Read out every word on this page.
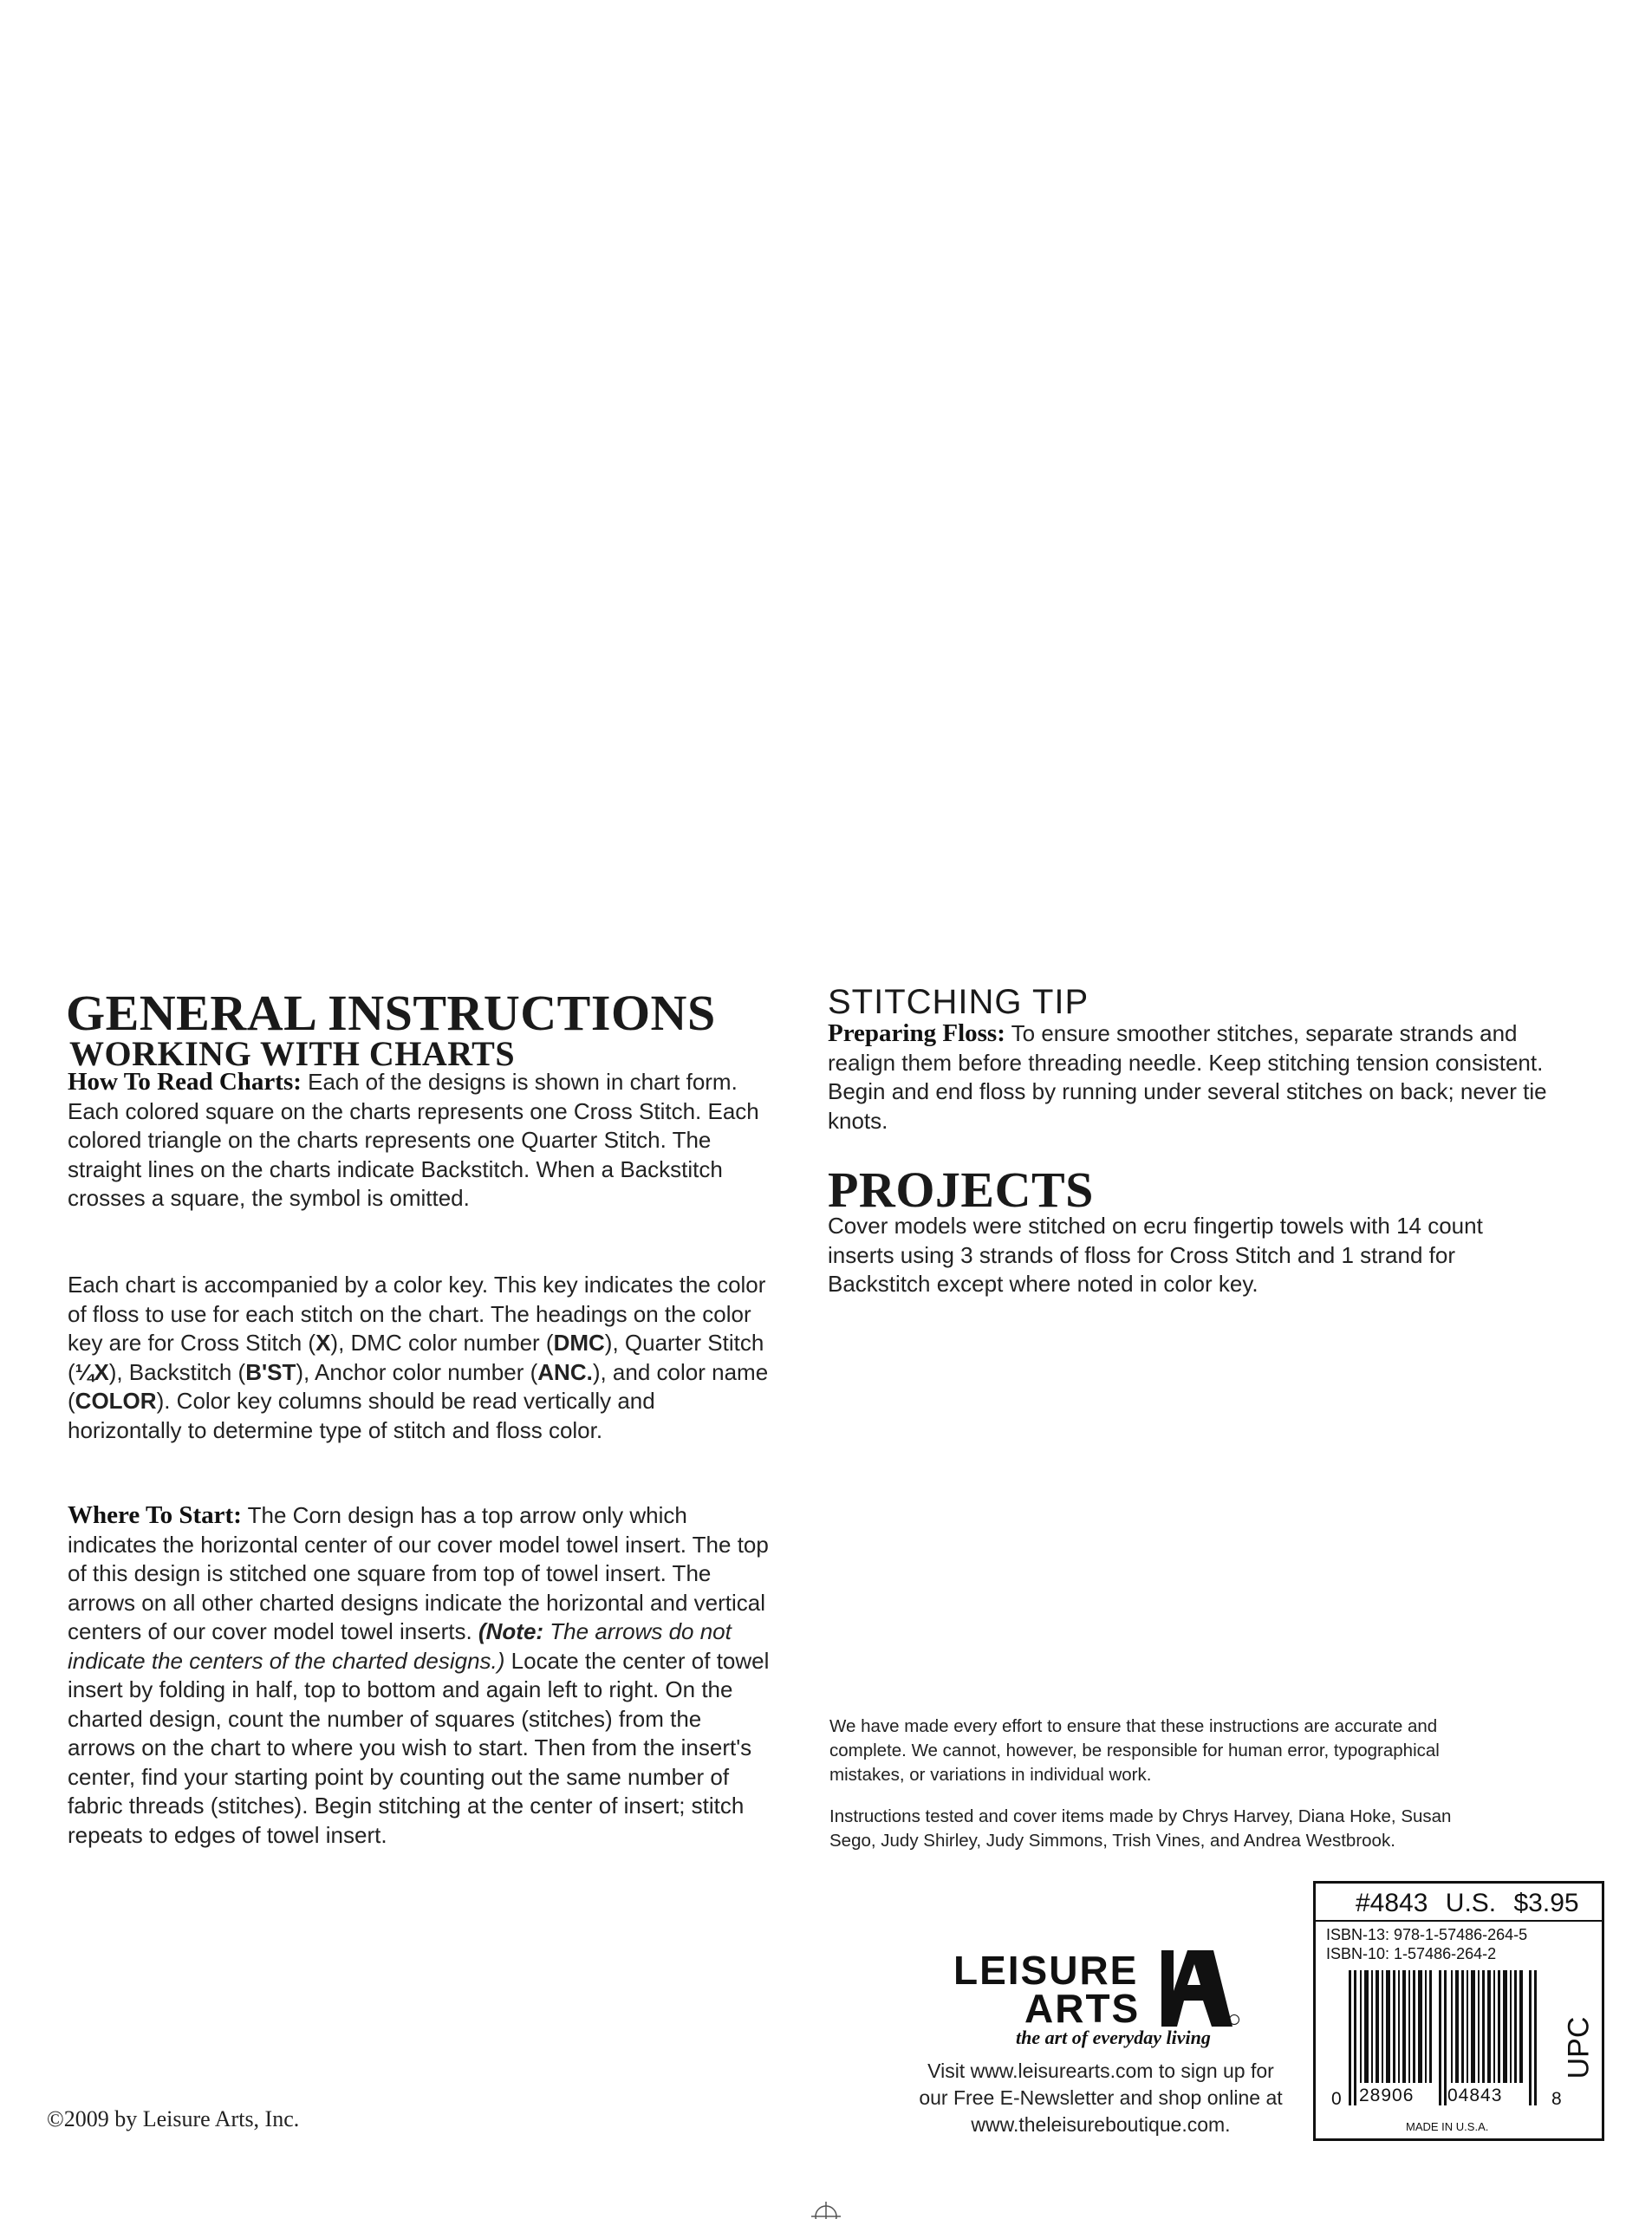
GENERAL INSTRUCTIONS
WORKING WITH CHARTS

How To Read Charts: Each of the designs is shown in chart form. Each colored square on the charts represents one Cross Stitch. Each colored triangle on the charts represents one Quarter Stitch. The straight lines on the charts indicate Backstitch. When a Backstitch crosses a square, the symbol is omitted.

Each chart is accompanied by a color key. This key indicates the color of floss to use for each stitch on the chart. The headings on the color key are for Cross Stitch (X), DMC color number (DMC), Quarter Stitch (¼X), Backstitch (B'ST), Anchor color number (ANC.), and color name (COLOR). Color key columns should be read vertically and horizontally to determine type of stitch and floss color.

Where To Start: The Corn design has a top arrow only which indicates the horizontal center of our cover model towel insert. The top of this design is stitched one square from top of towel insert. The arrows on all other charted designs indicate the horizontal and vertical centers of our cover model towel inserts. (Note: The arrows do not indicate the centers of the charted designs.) Locate the center of towel insert by folding in half, top to bottom and again left to right. On the charted design, count the number of squares (stitches) from the arrows on the chart to where you wish to start. Then from the insert's center, find your starting point by counting out the same number of fabric threads (stitches). Begin stitching at the center of insert; stitch repeats to edges of towel insert.

©2009 by Leisure Arts, Inc.
STITCHING TIP

Preparing Floss: To ensure smoother stitches, separate strands and realign them before threading needle. Keep stitching tension consistent. Begin and end floss by running under several stitches on back; never tie knots.

PROJECTS

Cover models were stitched on ecru fingertip towels with 14 count inserts using 3 strands of floss for Cross Stitch and 1 strand for Backstitch except where noted in color key.

We have made every effort to ensure that these instructions are accurate and complete. We cannot, however, be responsible for human error, typographical mistakes, or variations in individual work.

Instructions tested and cover items made by Chrys Harvey, Diana Hoke, Susan Sego, Judy Shirley, Judy Simmons, Trish Vines, and Andrea Westbrook.

LEISURE
ARTS
the art of everyday living

Visit www.leisurearts.com to sign up for

our Free E-Newsletter and shop online at

www.theleisureboutique.com.

#4843 U.S. $3.95
ISBN-13: 978-1-57486-264-5
ISBN-10: 1-57486-264-2
0 28906 04843	8
MADE IN U.S.A.
UPC
